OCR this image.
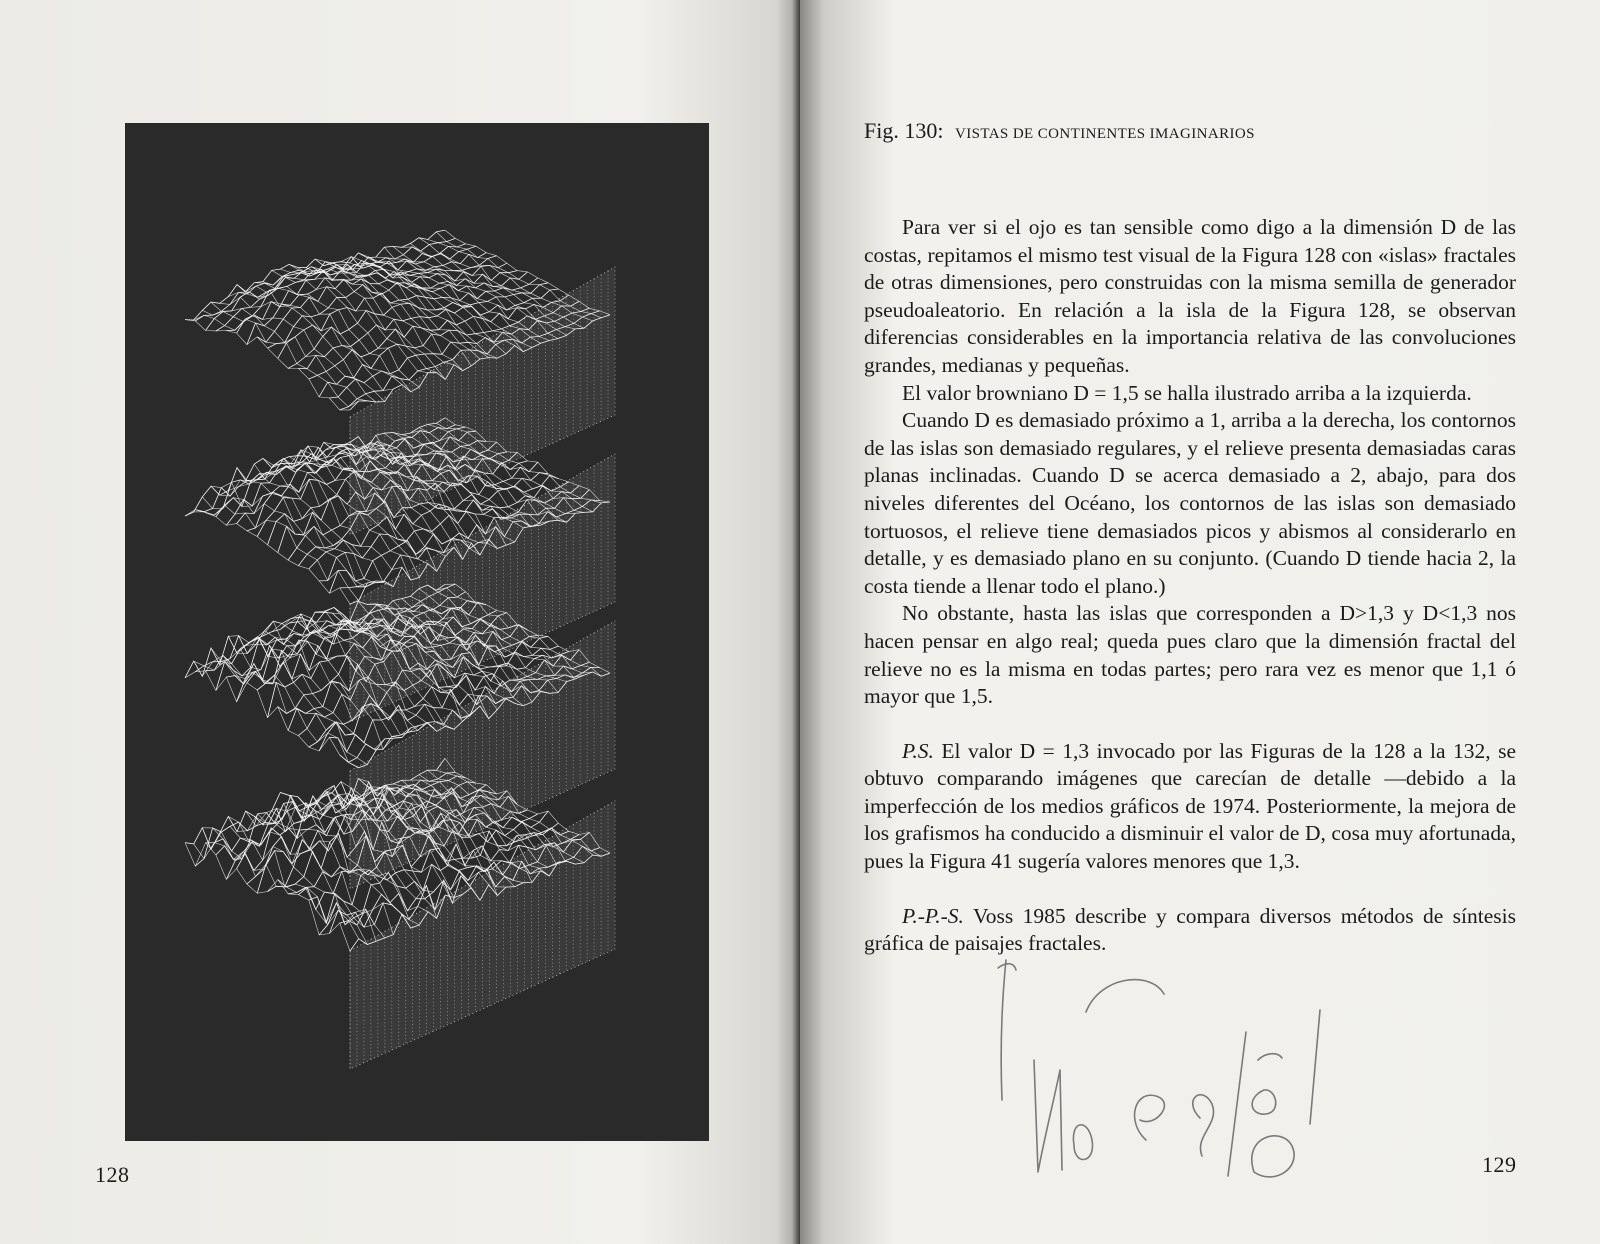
128
Fig. 130: VISTAS DE CONTINENTES IMAGINARIOS

Para ver si el ojo es tan sensible como digo a la dimensión D de las costas, repitamos el mismo test visual de la Figura 128 con «islas» fractales de otras dimensiones, pero construidas con la misma semilla de generador pseudoaleatorio. En relación a la isla de la Figura 128, se observan diferencias considerables en la importancia relativa de las convoluciones grandes, medianas y pequeñas.

El valor browniano D = 1,5 se halla ilustrado arriba a la izquierda.

Cuando D es demasiado próximo a 1, arriba a la derecha, los contornos de las islas son demasiado regulares, y el relieve presenta demasiadas caras planas inclinadas. Cuando D se acerca demasiado a 2, abajo, para dos niveles diferentes del Océano, los contornos de las islas son demasiado tortuosos, el relieve tiene demasiados picos y abismos al considerarlo en detalle, y es demasiado plano en su conjunto. (Cuando D tiende hacia 2, la costa tiende a llenar todo el plano.)

No obstante, hasta las islas que corresponden a D>1,3 y D<1,3 nos hacen pensar en algo real; queda pues claro que la dimensión fractal del relieve no es la misma en todas partes; pero rara vez es menor que 1,1 ó mayor que 1,5.

P.S. El valor D = 1,3 invocado por las Figuras de la 128 a la 132, se obtuvo comparando imágenes que carecían de detalle —debido a la imperfección de los medios gráficos de 1974. Posteriormente, la mejora de los grafismos ha conducido a disminuir el valor de D, cosa muy afortunada, pues la Figura 41 sugería valores menores que 1,3.

P.-P.-S. Voss 1985 describe y compara diversos métodos de síntesis gráfica de paisajes fractales.

129
